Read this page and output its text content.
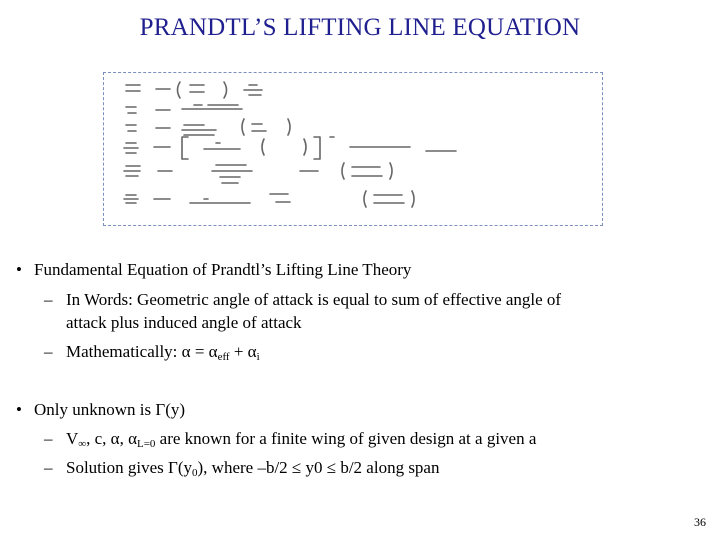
PRANDTL’S LIFTING LINE EQUATION
• Fundamental Equation of Prandtl’s Lifting Line Theory
– In Words: Geometric angle of attack is equal to sum of effective angle of
attack plus induced angle of attack
– Mathematically: $\alpha = \alpha_{eff} + \alpha_i$
• Only unknown is Γ(y)
– $V_\infty$, c, α, $\alpha_{L=0}$ are known for a finite wing of given design at a given a
– Solution gives $\Gamma(y_0)$, where –b/2 ≤ y0 ≤ b/2 along span
36
